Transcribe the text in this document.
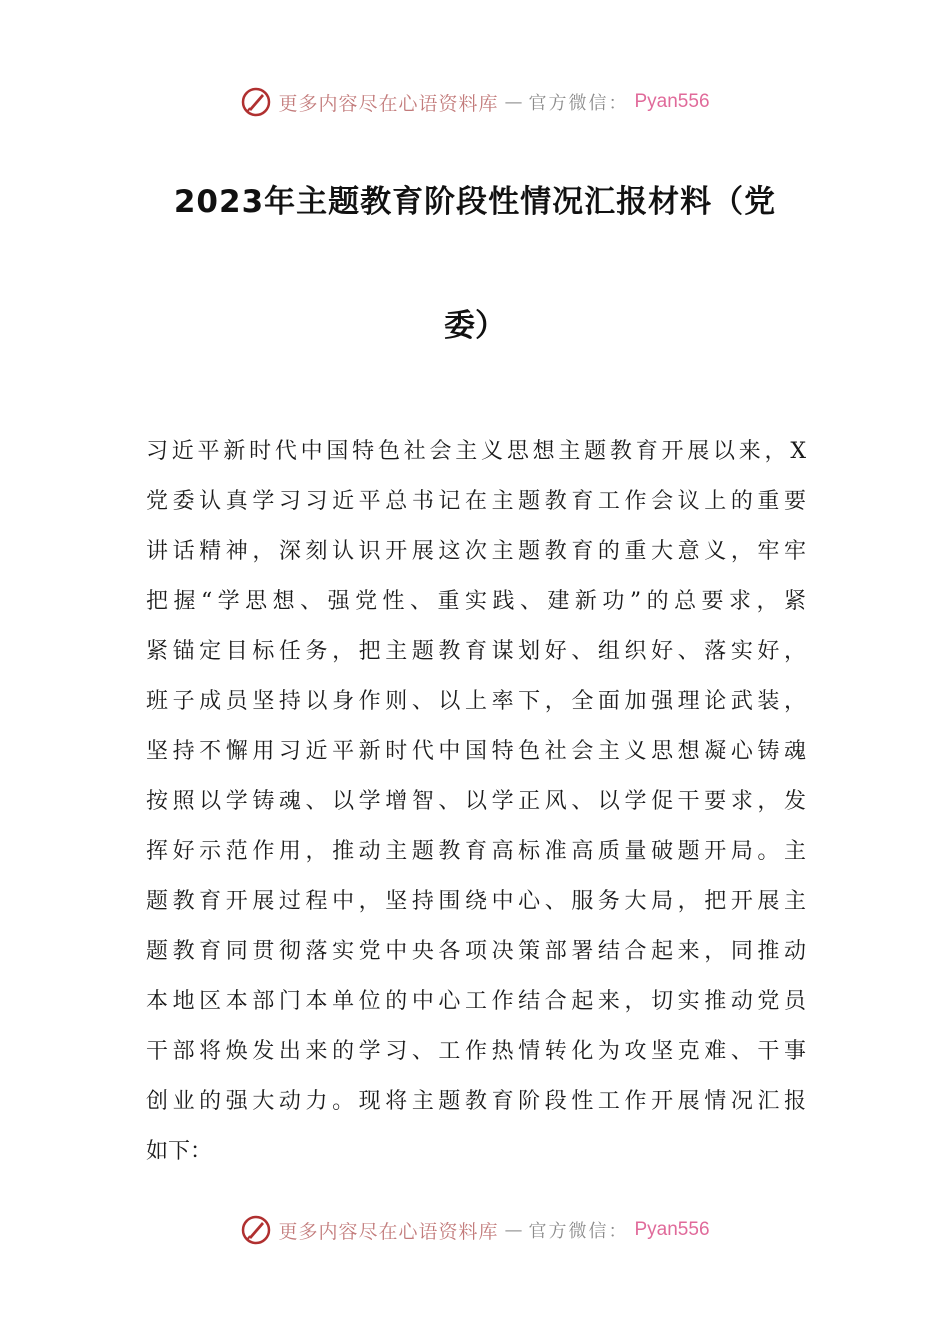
更多内容尽在心语资料库 — 官方微信： Pyan556
2023年主题教育阶段性情况汇报材料（党
委）
习近平新时代中国特色社会主义思想主题教育开展以来，X
党委认真学习习近平总书记在主题教育工作会议上的重要
讲话精神，深刻认识开展这次主题教育的重大意义，牢牢
把握“学思想、强党性、重实践、建新功”的总要求，紧
紧锚定目标任务，把主题教育谋划好、组织好、落实好，
班子成员坚持以身作则、以上率下，全面加强理论武装，
坚持不懈用习近平新时代中国特色社会主义思想凝心铸魂
按照以学铸魂、以学增智、以学正风、以学促干要求，发
挥好示范作用，推动主题教育高标准高质量破题开局。主
题教育开展过程中，坚持围绕中心、服务大局，把开展主
题教育同贯彻落实党中央各项决策部署结合起来，同推动
本地区本部门本单位的中心工作结合起来，切实推动党员
干部将焕发出来的学习、工作热情转化为攻坚克难、干事
创业的强大动力。现将主题教育阶段性工作开展情况汇报
如下：
更多内容尽在心语资料库 — 官方微信： Pyan556
